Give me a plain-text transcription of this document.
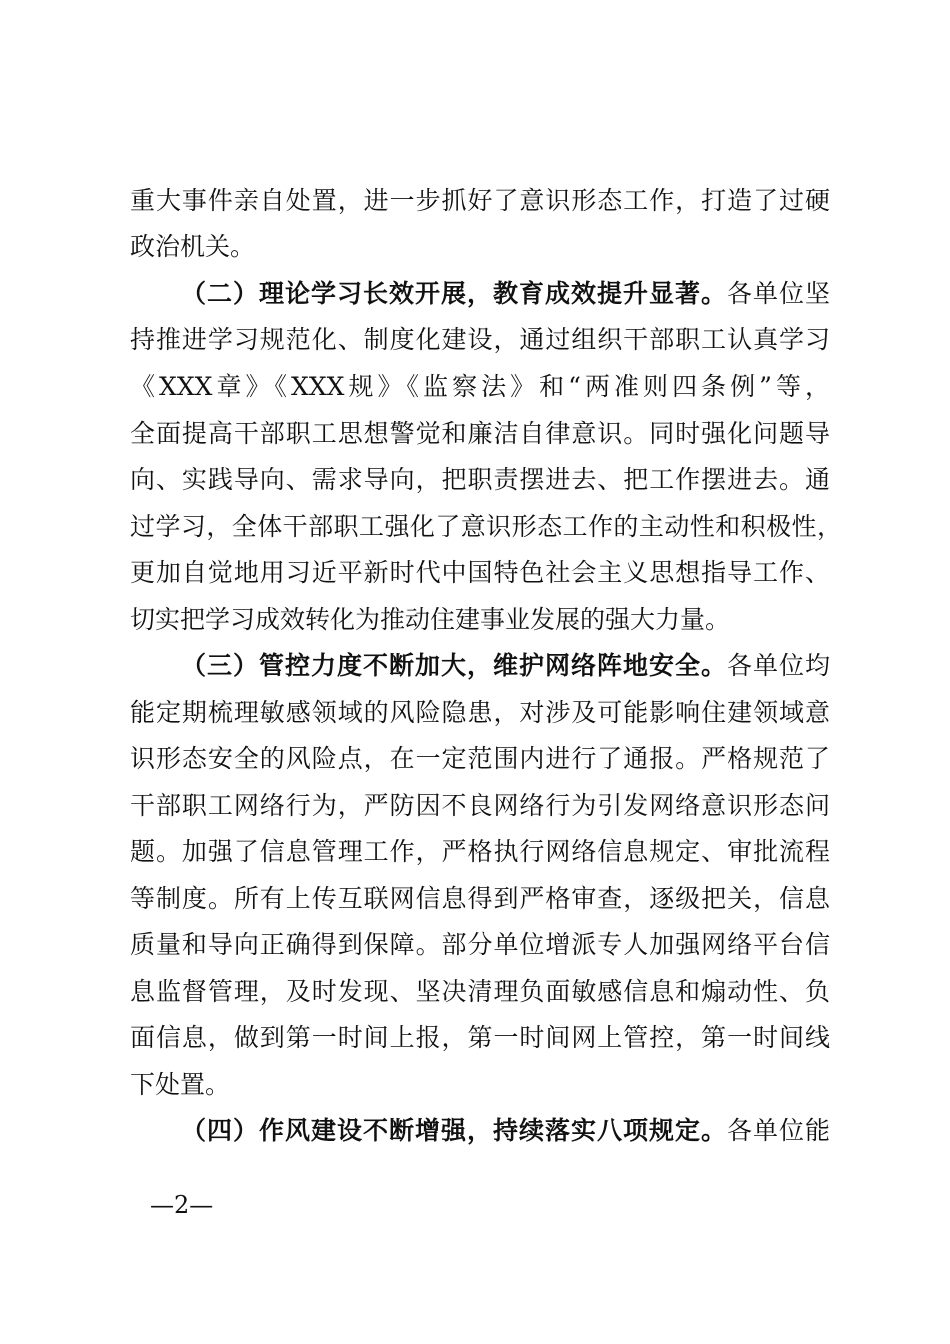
重大事件亲自处置，进一步抓好了意识形态工作，打造了过硬
政治机关。
（二）理论学习长效开展，教育成效提升显著。各单位坚
持推进学习规范化、制度化建设，通过组织干部职工认真学习
《XXX章》《XXX规》《监察法》和“两准则四条例”等，
全面提高干部职工思想警觉和廉洁自律意识。同时强化问题导
向、实践导向、需求导向，把职责摆进去、把工作摆进去。通
过学习，全体干部职工强化了意识形态工作的主动性和积极性，
更加自觉地用习近平新时代中国特色社会主义思想指导工作、
切实把学习成效转化为推动住建事业发展的强大力量。
（三）管控力度不断加大，维护网络阵地安全。各单位均
能定期梳理敏感领域的风险隐患，对涉及可能影响住建领域意
识形态安全的风险点，在一定范围内进行了通报。严格规范了
干部职工网络行为，严防因不良网络行为引发网络意识形态问
题。加强了信息管理工作，严格执行网络信息规定、审批流程
等制度。所有上传互联网信息得到严格审查，逐级把关，信息
质量和导向正确得到保障。部分单位增派专人加强网络平台信
息监督管理，及时发现、坚决清理负面敏感信息和煽动性、负
面信息，做到第一时间上报，第一时间网上管控，第一时间线
下处置。
（四）作风建设不断增强，持续落实八项规定。各单位能
—2—
